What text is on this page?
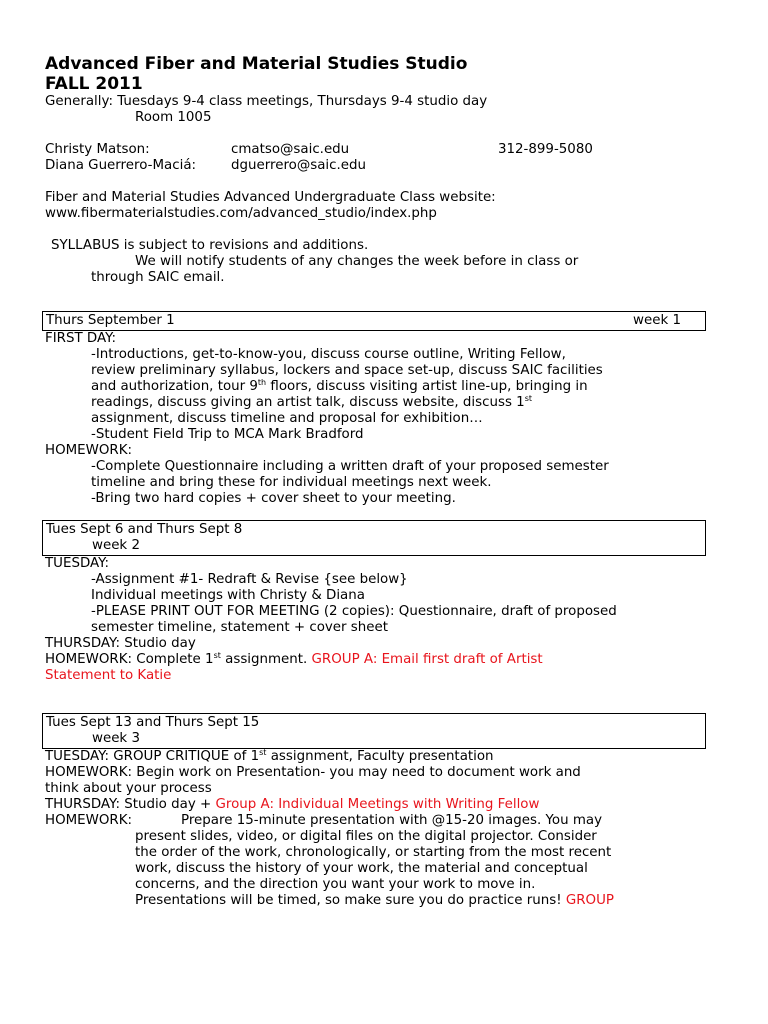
Advanced Fiber and Material Studies Studio

FALL 2011

Generally: Tuesdays 9-4 class meetings, Thursdays 9-4 studio day

Room 1005

Christy Matson:	cmatso@saic.edu	312-899-5080

Diana Guerrero-Maciá:	dguerrero@saic.edu

Fiber and Material Studies Advanced Undergraduate Class website:

www.fibermaterialstudies.com/advanced_studio/index.php

SYLLABUS is subject to revisions and additions.

We will notify students of any changes the week before in class or

through SAIC email.

Thurs September 1	week 1

FIRST DAY:

-Introductions, get-to-know-you, discuss course outline, Writing Fellow,

review preliminary syllabus, lockers and space set-up, discuss SAIC facilities

and authorization, tour 9th floors, discuss visiting artist line-up, bringing in

readings, discuss giving an artist talk, discuss website, discuss 1st

assignment, discuss timeline and proposal for exhibition…

-Student Field Trip to MCA Mark Bradford

HOMEWORK:

-Complete Questionnaire including a written draft of your proposed semester

timeline and bring these for individual meetings next week.

-Bring two hard copies + cover sheet to your meeting.

Tues Sept 6 and Thurs Sept 8

week 2

TUESDAY:

-Assignment #1- Redraft & Revise {see below}

Individual meetings with Christy & Diana

-PLEASE PRINT OUT FOR MEETING (2 copies): Questionnaire, draft of proposed

semester timeline, statement + cover sheet

THURSDAY: Studio day

HOMEWORK: Complete 1st assignment. GROUP A: Email first draft of Artist

Statement to Katie

Tues Sept 13 and Thurs Sept 15

week 3

TUESDAY: GROUP CRITIQUE of 1st assignment, Faculty presentation

HOMEWORK: Begin work on Presentation- you may need to document work and

think about your process

THURSDAY: Studio day + Group A: Individual Meetings with Writing Fellow

HOMEWORK:	Prepare 15-minute presentation with @15-20 images. You may

present slides, video, or digital files on the digital projector. Consider

the order of the work, chronologically, or starting from the most recent

work, discuss the history of your work, the material and conceptual

concerns, and the direction you want your work to move in.

Presentations will be timed, so make sure you do practice runs! GROUP
